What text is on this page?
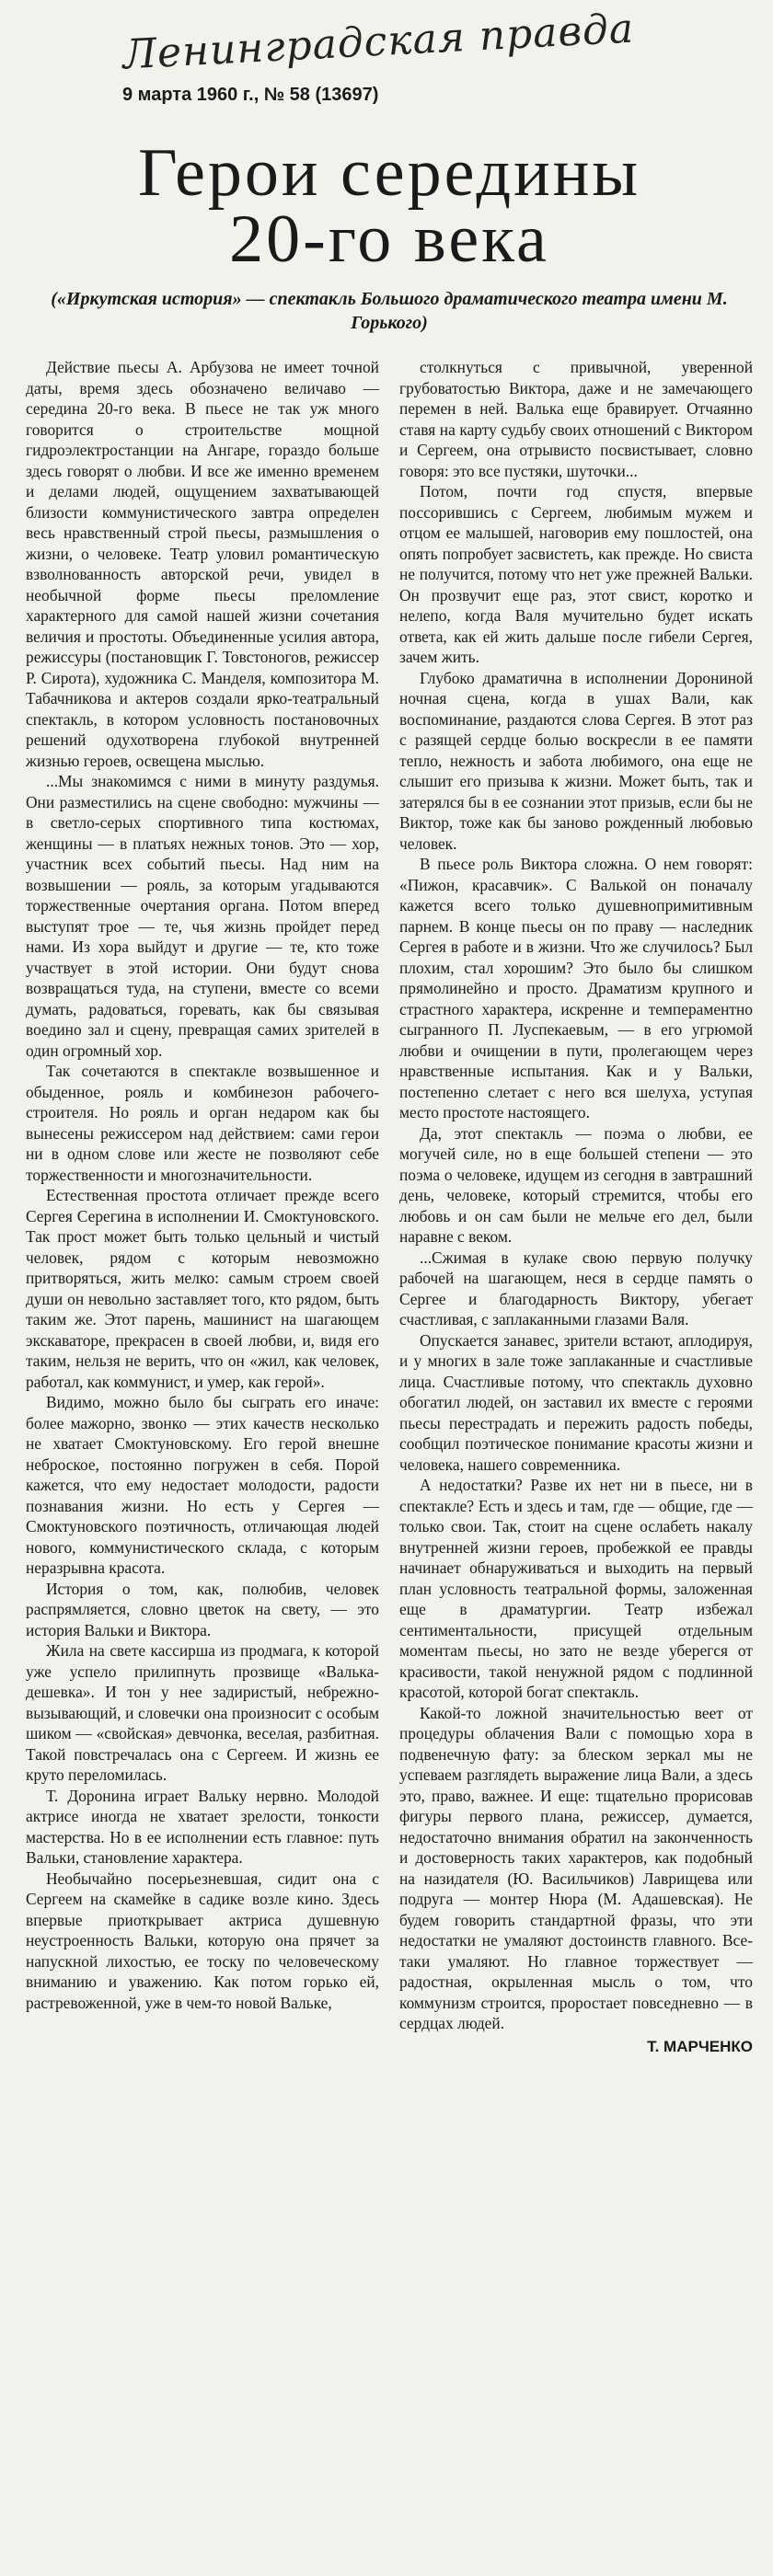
Ленинградская правда
9 марта 1960 г., № 58 (13697)
Герои середины
20-го века
(«Иркутская история» — спектакль Большого драматического театра имени М. Горького)

Действие пьесы А. Арбузова не имеет точной даты, время здесь обозначено величаво — середина 20-го века. В пьесе не так уж много говорится о строительстве мощной гидроэлектростанции на Ангаре, гораздо больше здесь говорят о любви. И все же именно временем и делами людей, ощущением захватывающей близости коммунистического завтра определен весь нравственный строй пьесы, размышления о жизни, о человеке. Театр уловил романтическую взволнованность авторской речи, увидел в необычной форме пьесы преломление характерного для самой нашей жизни сочетания величия и простоты. Объединенные усилия автора, режиссуры (постановщик Г. Товстоногов, режиссер Р. Сирота), художника С. Манделя, композитора М. Табачникова и актеров создали ярко-театральный спектакль, в котором условность постановочных решений одухотворена глубокой внутренней жизнью героев, освещена мыслью.

...Мы знакомимся с ними в минуту раздумья. Они разместились на сцене свободно: мужчины — в светло-серых спортивного типа костюмах, женщины — в платьях нежных тонов. Это — хор, участник всех событий пьесы. Над ним на возвышении — рояль, за которым угадываются торжественные очертания органа. Потом вперед выступят трое — те, чья жизнь пройдет перед нами. Из хора выйдут и другие — те, кто тоже участвует в этой истории. Они будут снова возвращаться туда, на ступени, вместе со всеми думать, радоваться, горевать, как бы связывая воедино зал и сцену, превращая самих зрителей в один огромный хор.

Так сочетаются в спектакле возвышенное и обыденное, рояль и комбинезон рабочего-строителя. Но рояль и орган недаром как бы вынесены режиссером над действием: сами герои ни в одном слове или жесте не позволяют себе торжественности и многозначительности.

Естественная простота отличает прежде всего Сергея Серегина в исполнении И. Смоктуновского. Так прост может быть только цельный и чистый человек, рядом с которым невозможно притворяться, жить мелко: самым строем своей души он невольно заставляет того, кто рядом, быть таким же. Этот парень, машинист на шагающем экскаваторе, прекрасен в своей любви, и, видя его таким, нельзя не верить, что он «жил, как человек, работал, как коммунист, и умер, как герой».

Видимо, можно было бы сыграть его иначе: более мажорно, звонко — этих качеств несколько не хватает Смоктуновскому. Его герой внешне неброское, постоянно погружен в себя. Порой кажется, что ему недостает молодости, радости познавания жизни. Но есть у Сергея — Смоктуновского поэтичность, отличающая людей нового, коммунистического склада, с которым неразрывна красота.

История о том, как, полюбив, человек распрямляется, словно цветок на свету, — это история Вальки и Виктора.

Жила на свете кассирша из продмага, к которой уже успело прилипнуть прозвище «Валька-дешевка». И тон у нее задиристый, небрежно-вызывающий, и словечки она произносит с особым шиком — «свойская» девчонка, веселая, разбитная. Такой повстречалась она с Сергеем. И жизнь ее круто переломилась.

Т. Доронина играет Вальку нервно. Молодой актрисе иногда не хватает зрелости, тонкости мастерства. Но в ее исполнении есть главное: путь Вальки, становление характера.

Необычайно посерьезневшая, сидит она с Сергеем на скамейке в садике возле кино. Здесь впервые приоткрывает актриса душевную неустроенность Вальки, которую она прячет за напускной лихостью, ее тоску по человеческому вниманию и уважению. Как потом горько ей, растревоженной, уже в чем-то новой Вальке,

столкнуться с привычной, уверенной грубоватостью Виктора, даже и не замечающего перемен в ней. Валька еще бравирует. Отчаянно ставя на карту судьбу своих отношений с Виктором и Сергеем, она отрывисто посвистывает, словно говоря: это все пустяки, шуточки...

Потом, почти год спустя, впервые поссорившись с Сергеем, любимым мужем и отцом ее малышей, наговорив ему пошлостей, она опять попробует засвистеть, как прежде. Но свиста не получится, потому что нет уже прежней Вальки. Он прозвучит еще раз, этот свист, коротко и нелепо, когда Валя мучительно будет искать ответа, как ей жить дальше после гибели Сергея, зачем жить.

Глубоко драматична в исполнении Дорониной ночная сцена, когда в ушах Вали, как воспоминание, раздаются слова Сергея. В этот раз с разящей сердце болью воскресли в ее памяти тепло, нежность и забота любимого, она еще не слышит его призыва к жизни. Может быть, так и затерялся бы в ее сознании этот призыв, если бы не Виктор, тоже как бы заново рожденный любовью человек.

В пьесе роль Виктора сложна. О нем говорят: «Пижон, красавчик». С Валькой он поначалу кажется всего только душевнопримитивным парнем. В конце пьесы он по праву — наследник Сергея в работе и в жизни. Что же случилось? Был плохим, стал хорошим? Это было бы слишком прямолинейно и просто. Драматизм крупного и страстного характера, искренне и темпераментно сыгранного П. Луспекаевым, — в его угрюмой любви и очищении в пути, пролегающем через нравственные испытания. Как и у Вальки, постепенно слетает с него вся шелуха, уступая место простоте настоящего.

Да, этот спектакль — поэма о любви, ее могучей силе, но в еще большей степени — это поэма о человеке, идущем из сегодня в завтрашний день, человеке, который стремится, чтобы его любовь и он сам были не мельче его дел, были наравне с веком.

...Сжимая в кулаке свою первую получку рабочей на шагающем, неся в сердце память о Сергее и благодарность Виктору, убегает счастливая, с заплаканными глазами Валя.

Опускается занавес, зрители встают, аплодируя, и у многих в зале тоже заплаканные и счастливые лица. Счастливые потому, что спектакль духовно обогатил людей, он заставил их вместе с героями пьесы перестрадать и пережить радость победы, сообщил поэтическое понимание красоты жизни и человека, нашего современника.

А недостатки? Разве их нет ни в пьесе, ни в спектакле? Есть и здесь и там, где — общие, где — только свои. Так, стоит на сцене ослабеть накалу внутренней жизни героев, пробежкой ее правды начинает обнаруживаться и выходить на первый план условность театральной формы, заложенная еще в драматургии. Театр избежал сентиментальности, присущей отдельным моментам пьесы, но зато не везде уберегся от красивости, такой ненужной рядом с подлинной красотой, которой богат спектакль.

Какой-то ложной значительностью веет от процедуры облачения Вали с помощью хора в подвенечную фату: за блеском зеркал мы не успеваем разглядеть выражение лица Вали, а здесь это, право, важнее. И еще: тщательно прорисовав фигуры первого плана, режиссер, думается, недостаточно внимания обратил на законченность и достоверность таких характеров, как подобный на назидателя (Ю. Васильчиков) Лаврищева или подруга — монтер Нюра (М. Адашевская). Не будем говорить стандартной фразы, что эти недостатки не умаляют достоинств главного. Все-таки умаляют. Но главное торжествует — радостная, окрыленная мысль о том, что коммунизм строится, проростает повседневно — в сердцах людей.

Т. МАРЧЕНКО
